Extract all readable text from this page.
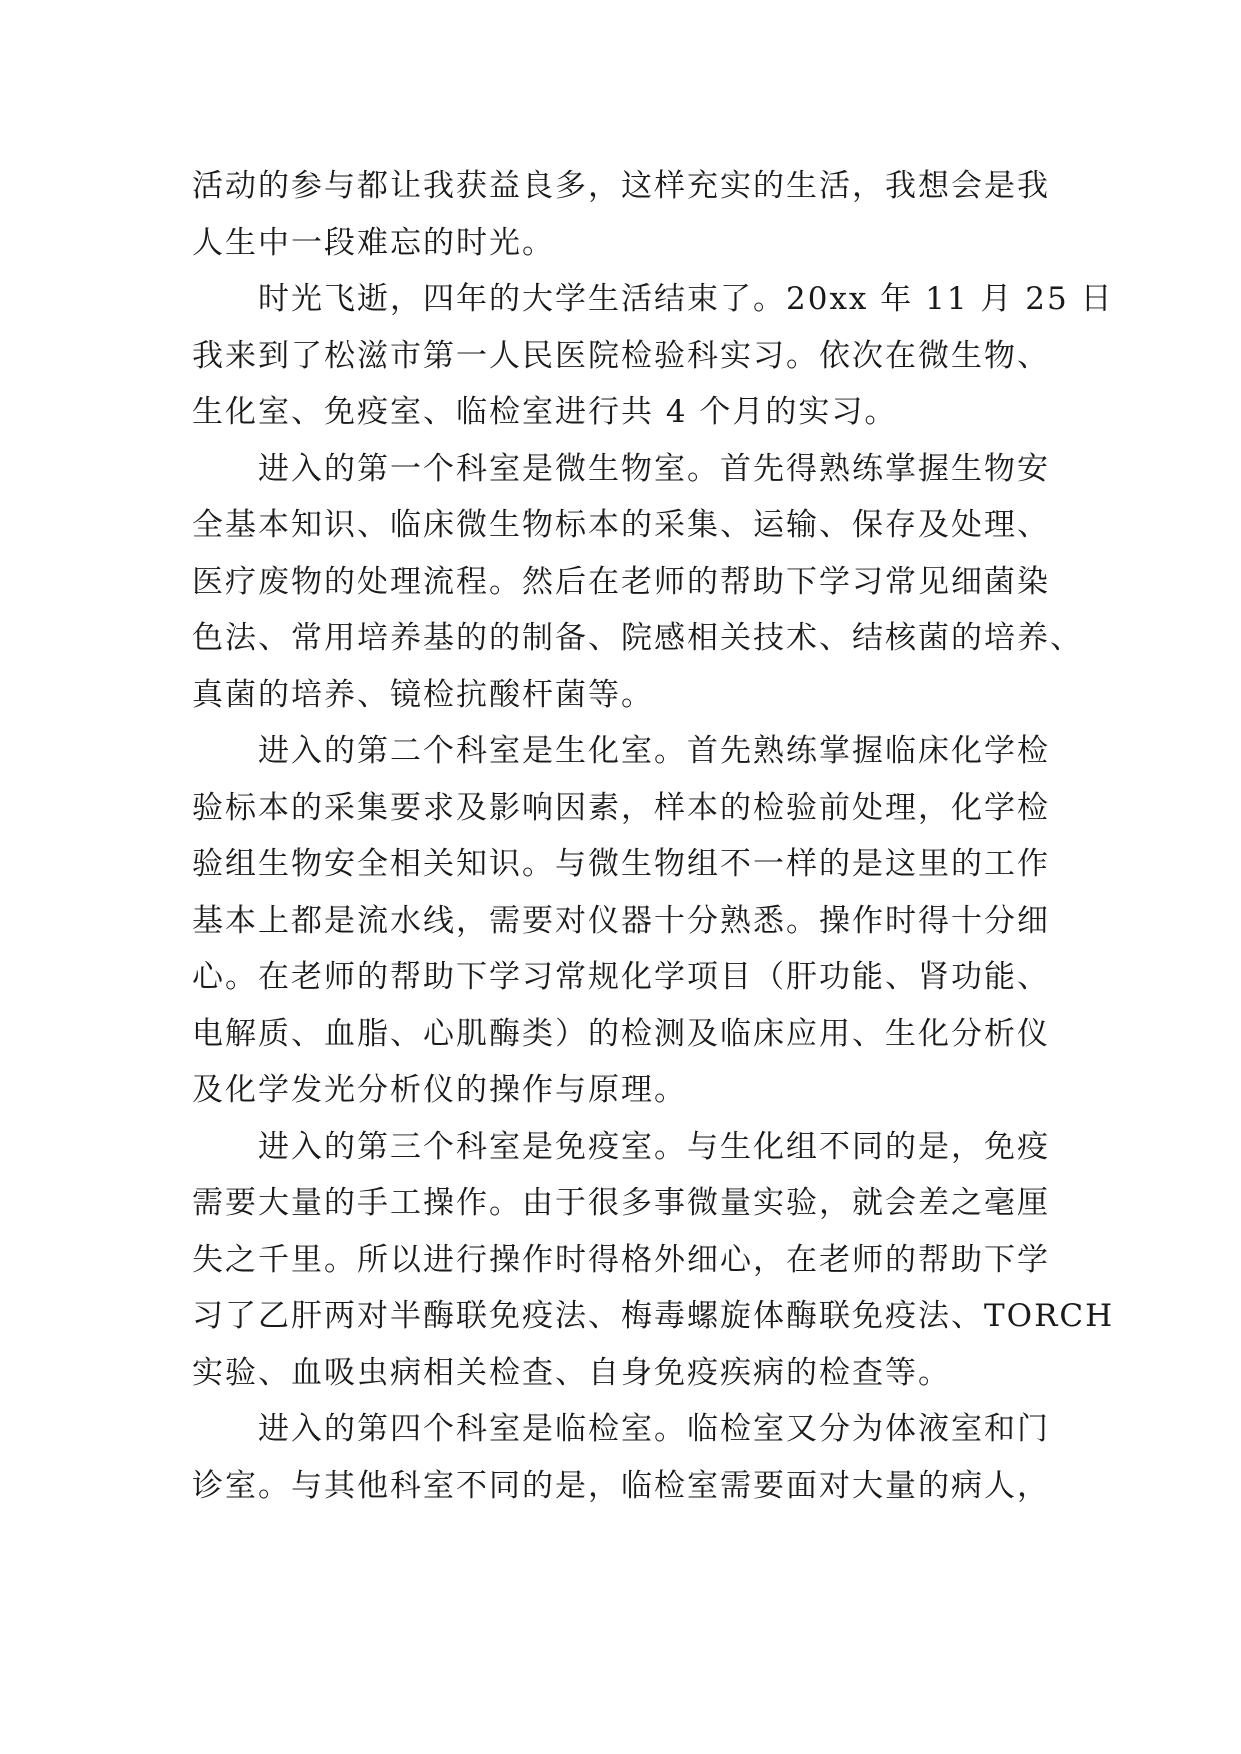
活动的参与都让我获益良多，这样充实的生活，我想会是我
人生中一段难忘的时光。
时光飞逝，四年的大学生活结束了。20xx 年 11 月 25 日
我来到了松滋市第一人民医院检验科实习。依次在微生物、
生化室、免疫室、临检室进行共 4 个月的实习。
进入的第一个科室是微生物室。首先得熟练掌握生物安
全基本知识、临床微生物标本的采集、运输、保存及处理、
医疗废物的处理流程。然后在老师的帮助下学习常见细菌染
色法、常用培养基的的制备、院感相关技术、结核菌的培养、
真菌的培养、镜检抗酸杆菌等。
进入的第二个科室是生化室。首先熟练掌握临床化学检
验标本的采集要求及影响因素，样本的检验前处理，化学检
验组生物安全相关知识。与微生物组不一样的是这里的工作
基本上都是流水线，需要对仪器十分熟悉。操作时得十分细
心。在老师的帮助下学习常规化学项目（肝功能、肾功能、
电解质、血脂、心肌酶类）的检测及临床应用、生化分析仪
及化学发光分析仪的操作与原理。
进入的第三个科室是免疫室。与生化组不同的是，免疫
需要大量的手工操作。由于很多事微量实验，就会差之毫厘
失之千里。所以进行操作时得格外细心，在老师的帮助下学
习了乙肝两对半酶联免疫法、梅毒螺旋体酶联免疫法、TORCH
实验、血吸虫病相关检查、自身免疫疾病的检查等。
进入的第四个科室是临检室。临检室又分为体液室和门
诊室。与其他科室不同的是，临检室需要面对大量的病人，
